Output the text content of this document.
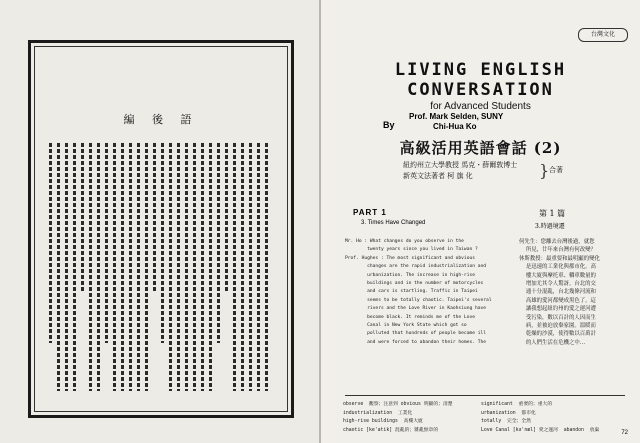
編 後 語
台灣文化
LIVING ENGLISH
CONVERSATION
for Advanced Students
By
Prof. Mark Selden, SUNY
Chi-Hua Ko
高級活用英語會話 (2)
紐約州立大學教授 馬克・薛爾敦博士
新英文法著者 柯 旗 化	} 合著
PART 1
3. Times Have Changed
第 1 篇
3.時過境遷
Mr. Ho : What changes do you observe in the
twenty years since you lived in Taiwan ?
Prof. Hughes : The most significant and obvious
changes are the rapid industrialization and
urbanization. The increase in high-rise
buildings and in the number of motorcycles
and cars is startling. Traffic in Taipei
seems to be totally chaotic. Taipei's several
rivers and the Love River in Kaohsiung have
become black. It reminds me of the Love
Canal in New York State which got so
polluted that hundreds of people became ill
and were forced to abandon their homes. The
何先生：您離去台灣後過，就您
所見，廿年來台灣有何改變？
休斯教授：最重要和最明顯的變化
是迅速的工業化與都市化。高
樓大廈與摩托車、轎車數量的
增加尤其令人驚訝。台北的交
通十分混亂，台北幾條河流和
高雄的愛河都變成黑色了。這
讓我想起紐約州的愛之運河遭
受污染，數以百計的人因而生
病，並被迫放棄家園。溫暖而
乾燥的沙漠，使得數以百萬計
的人們生活在危機之中…
observe  觀察；注意到 obvious 明顯的；清楚
industrialization  工業化
high-rise buildings  高樓大廈
chaotic [ke'atik] 混亂的；雜亂無章的
significant  重要的；重大的
urbanization  都市化
totally  完全；全然
Love Canal [kə'næl] 愛之運河  abandon  放棄	72
